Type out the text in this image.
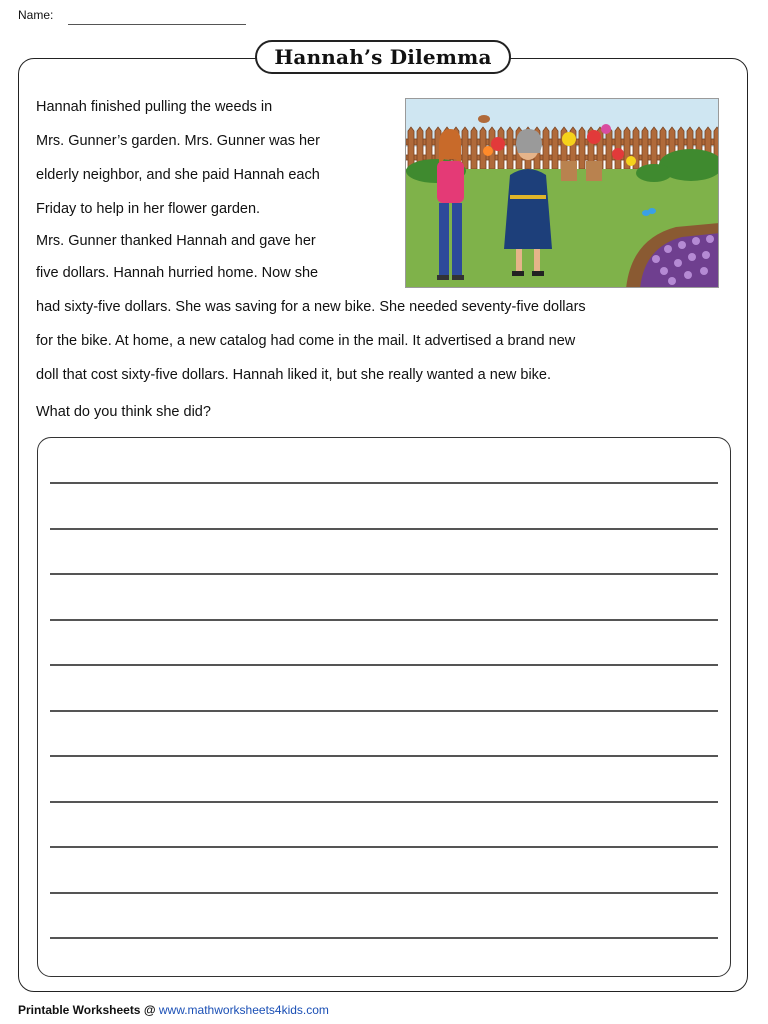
Name:
Hannah’s Dilemma
Hannah finished pulling the weeds in
Mrs. Gunner’s garden. Mrs. Gunner was her
elderly neighbor, and she paid Hannah each
Friday to help in her flower garden.
Mrs. Gunner thanked Hannah and gave her
five dollars. Hannah hurried home. Now she
had sixty-five dollars. She was saving for a new bike. She needed seventy-five dollars
for the bike. At home, a new catalog had come in the mail. It advertised a brand new
doll that cost sixty-five dollars. Hannah liked it, but she really wanted a new bike.
What do you think she did?
Printable Worksheets @ www.mathworksheets4kids.com
